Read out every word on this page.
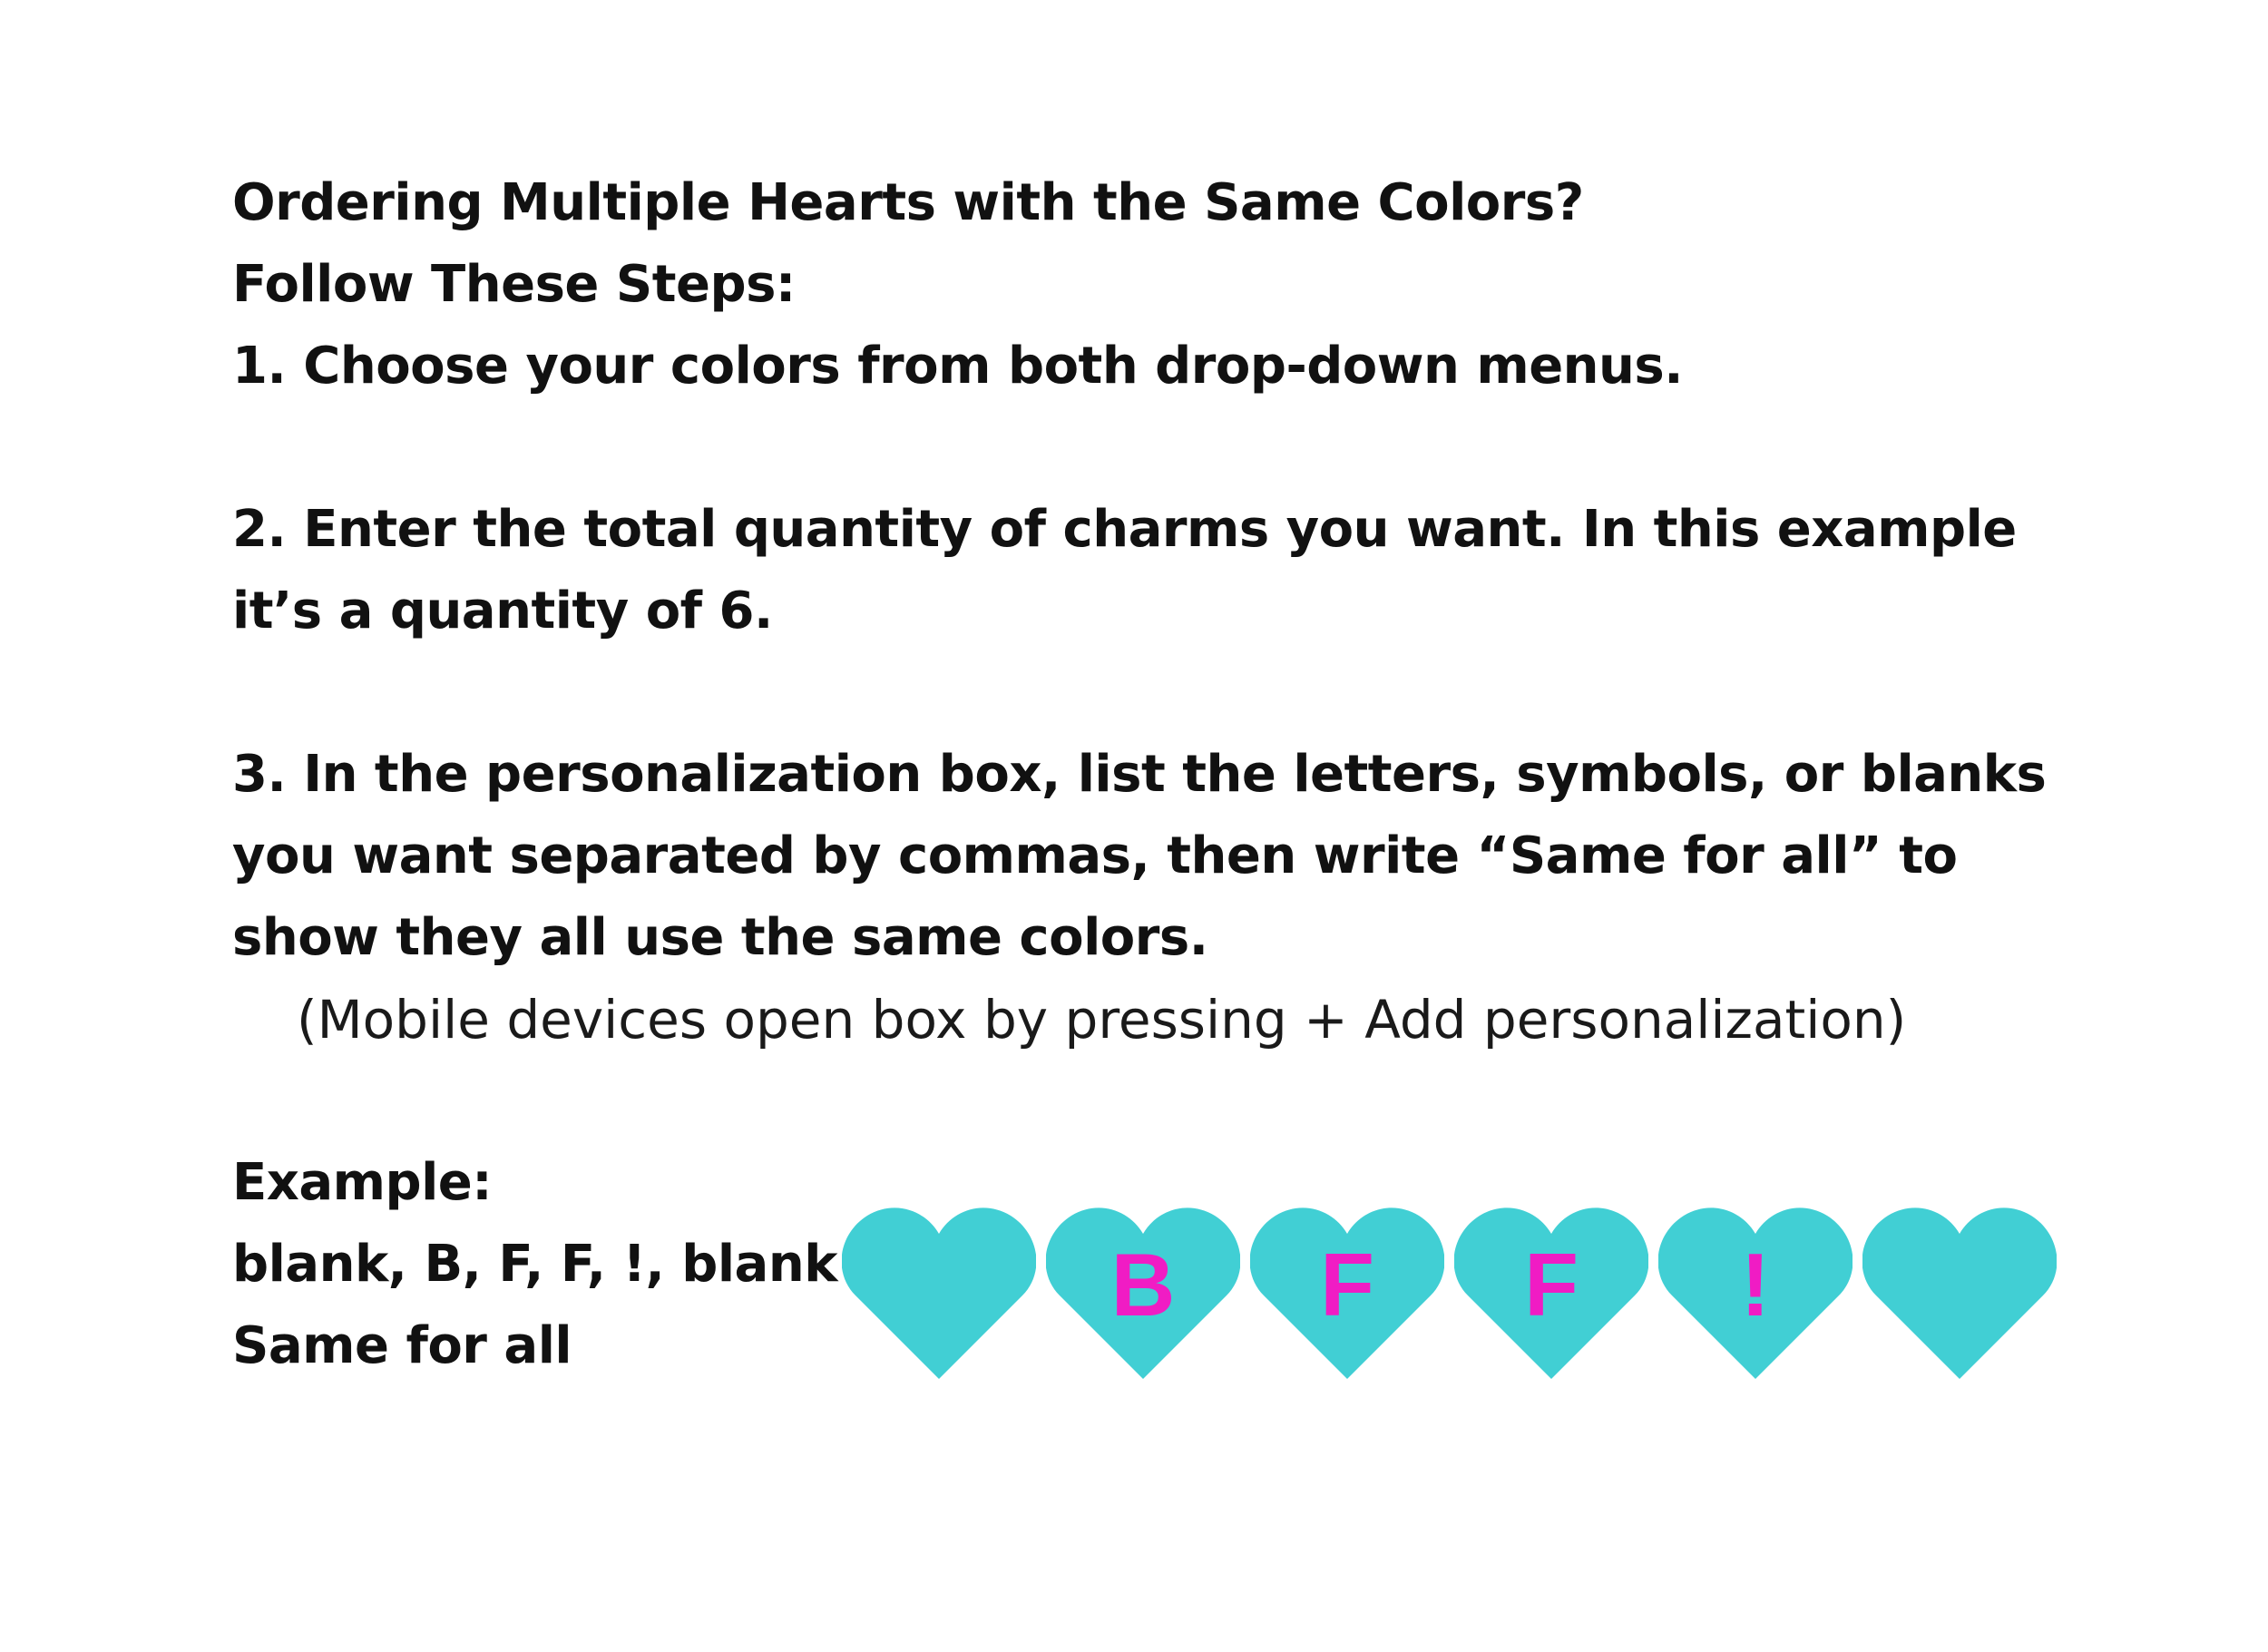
Ordering Multiple Hearts with the Same Colors?
Follow These Steps:
1. Choose your colors from both drop-down menus.
2. Enter the total quantity of charms you want. In this example
it’s a quantity of 6.
3. In the personalization box, list the letters, symbols, or blanks
you want separated by commas, then write “Same for all” to
show they all use the same colors.
(Mobile devices open box by pressing + Add personalization)
Example:
blank, B, F, F, !, blank
Same for all
B	F	F	!
